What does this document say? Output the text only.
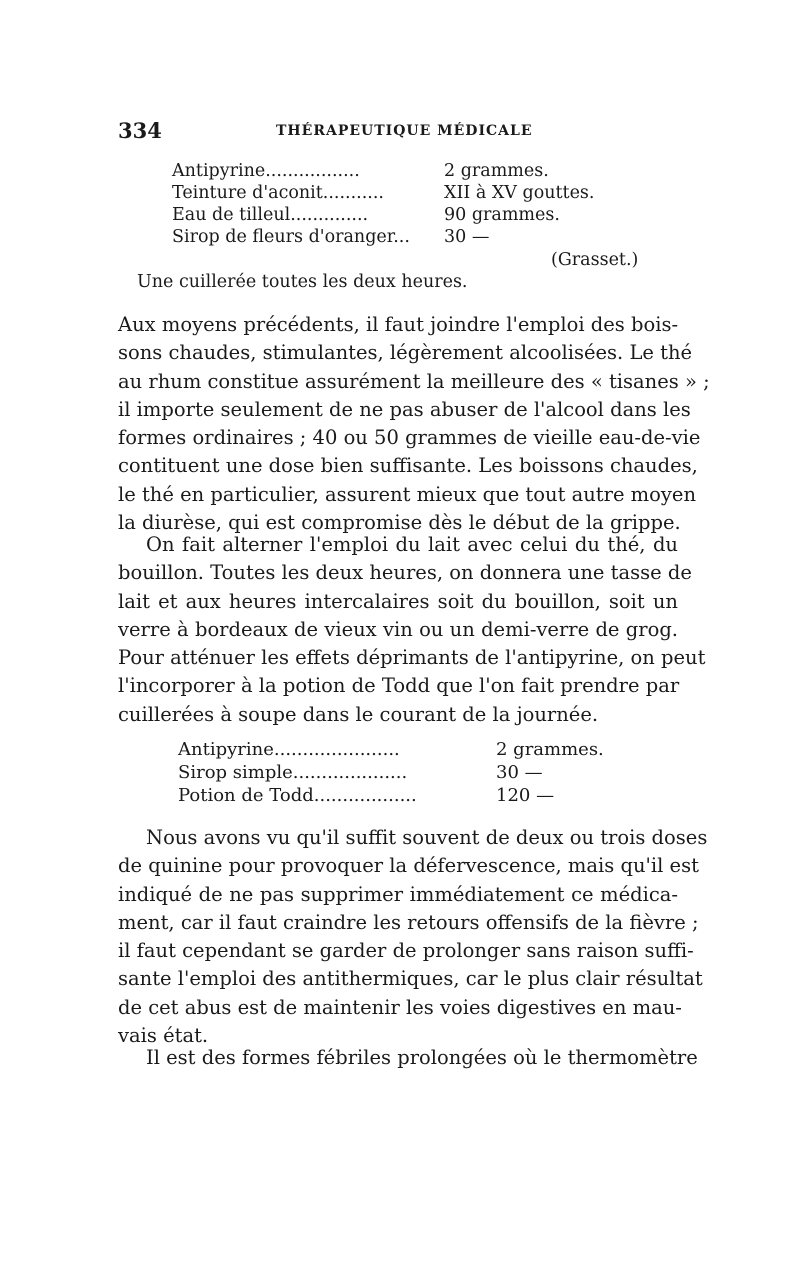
334	THÉRAPEUTIQUE MÉDICALE
Antipyrine.................	2 grammes.
Teinture d'aconit...........	XII à XV gouttes.
Eau de tilleul..............	90 grammes.
Sirop de fleurs d'oranger... 30 —
(Grasset.)
Une cuillerée toutes les deux heures.
Aux moyens précédents, il faut joindre l'emploi des bois-
sons chaudes, stimulantes, légèrement alcoolisées. Le thé
au rhum constitue assurément la meilleure des « tisanes » ;
il importe seulement de ne pas abuser de l'alcool dans les
formes ordinaires ; 40 ou 50 grammes de vieille eau-de-vie
contituent une dose bien suffisante. Les boissons chaudes,
le thé en particulier, assurent mieux que tout autre moyen
la diurèse, qui est compromise dès le début de la grippe.
On fait alterner l'emploi du lait avec celui du thé, du
bouillon. Toutes les deux heures, on donnera une tasse de
lait et aux heures intercalaires soit du bouillon, soit un
verre à bordeaux de vieux vin ou un demi-verre de grog.
Pour atténuer les effets déprimants de l'antipyrine, on peut
l'incorporer à la potion de Todd que l'on fait prendre par
cuillerées à soupe dans le courant de la journée.
Antipyrine......................	2 grammes.
Sirop simple....................	30 —
Potion de Todd..................	120 —
Nous avons vu qu'il suffit souvent de deux ou trois doses
de quinine pour provoquer la défervescence, mais qu'il est
indiqué de ne pas supprimer immédiatement ce médica-
ment, car il faut craindre les retours offensifs de la fièvre ;
il faut cependant se garder de prolonger sans raison suffi-
sante l'emploi des antithermiques, car le plus clair résultat
de cet abus est de maintenir les voies digestives en mau-
vais état.
Il est des formes fébriles prolongées où le thermomètre
